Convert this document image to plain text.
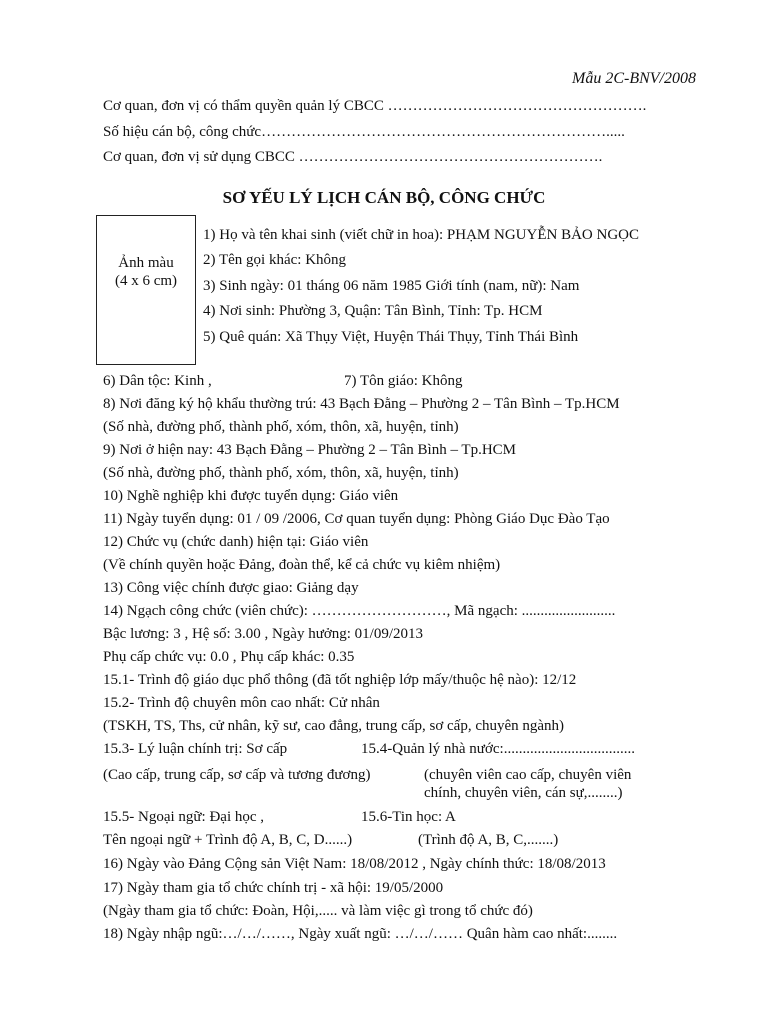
Mẫu 2C-BNV/2008
Cơ quan, đơn vị có thẩm quyền quản lý CBCC …………………………………………….
Số hiệu cán bộ, công chức…………………………………………………………….....
Cơ quan, đơn vị sử dụng CBCC …………………………………………………….
SƠ YẾU LÝ LỊCH CÁN BỘ, CÔNG CHỨC
Ảnh màu
(4 x 6 cm)
1) Họ và tên khai sinh (viết chữ in hoa): PHẠM NGUYỄN BẢO NGỌC
2) Tên gọi khác: Không
3) Sinh ngày: 01 tháng 06 năm 1985 Giới tính (nam, nữ): Nam
4) Nơi sinh: Phường 3, Quận: Tân Bình, Tỉnh: Tp. HCM
5) Quê quán: Xã Thụy Việt, Huyện Thái Thụy, Tỉnh Thái Bình
6) Dân tộc: Kinh ,	7) Tôn giáo: Không
8) Nơi đăng ký hộ khẩu thường trú: 43 Bạch Đằng – Phường 2 – Tân Bình – Tp.HCM
(Số nhà, đường phố, thành phố, xóm, thôn, xã, huyện, tỉnh)
9) Nơi ở hiện nay: 43 Bạch Đằng – Phường 2 – Tân Bình – Tp.HCM
(Số nhà, đường phố, thành phố, xóm, thôn, xã, huyện, tỉnh)
10) Nghề nghiệp khi được tuyển dụng: Giáo viên
11) Ngày tuyển dụng: 01 / 09 /2006, Cơ quan tuyển dụng: Phòng Giáo Dục Đào Tạo
12) Chức vụ (chức danh) hiện tại: Giáo viên
(Về chính quyền hoặc Đảng, đoàn thể, kể cả chức vụ kiêm nhiệm)
13) Công việc chính được giao: Giảng dạy
14) Ngạch công chức (viên chức): ………………………, Mã ngạch: .........................
Bậc lương: 3 , Hệ số: 3.00 , Ngày hưởng: 01/09/2013
Phụ cấp chức vụ: 0.0 , Phụ cấp khác: 0.35
15.1- Trình độ giáo dục phổ thông (đã tốt nghiệp lớp mấy/thuộc hệ nào): 12/12
15.2- Trình độ chuyên môn cao nhất: Cử nhân
(TSKH, TS, Ths, cử nhân, kỹ sư, cao đẳng, trung cấp, sơ cấp, chuyên ngành)
15.3- Lý luận chính trị: Sơ cấp	15.4-Quản lý nhà nước:...................................
(Cao cấp, trung cấp, sơ cấp và tương đương)	(chuyên viên cao cấp, chuyên viên
chính, chuyên viên, cán sự,........)
15.5- Ngoại ngữ: Đại học ,	15.6-Tin học: A
Tên ngoại ngữ + Trình độ A, B, C, D......)	(Trình độ A, B, C,.......)
16) Ngày vào Đảng Cộng sản Việt Nam: 18/08/2012 , Ngày chính thức: 18/08/2013
17) Ngày tham gia tổ chức chính trị - xã hội: 19/05/2000
(Ngày tham gia tổ chức: Đoàn, Hội,..... và làm việc gì trong tổ chức đó)
18) Ngày nhập ngũ:…/…/……, Ngày xuất ngũ: …/…/…… Quân hàm cao nhất:........
